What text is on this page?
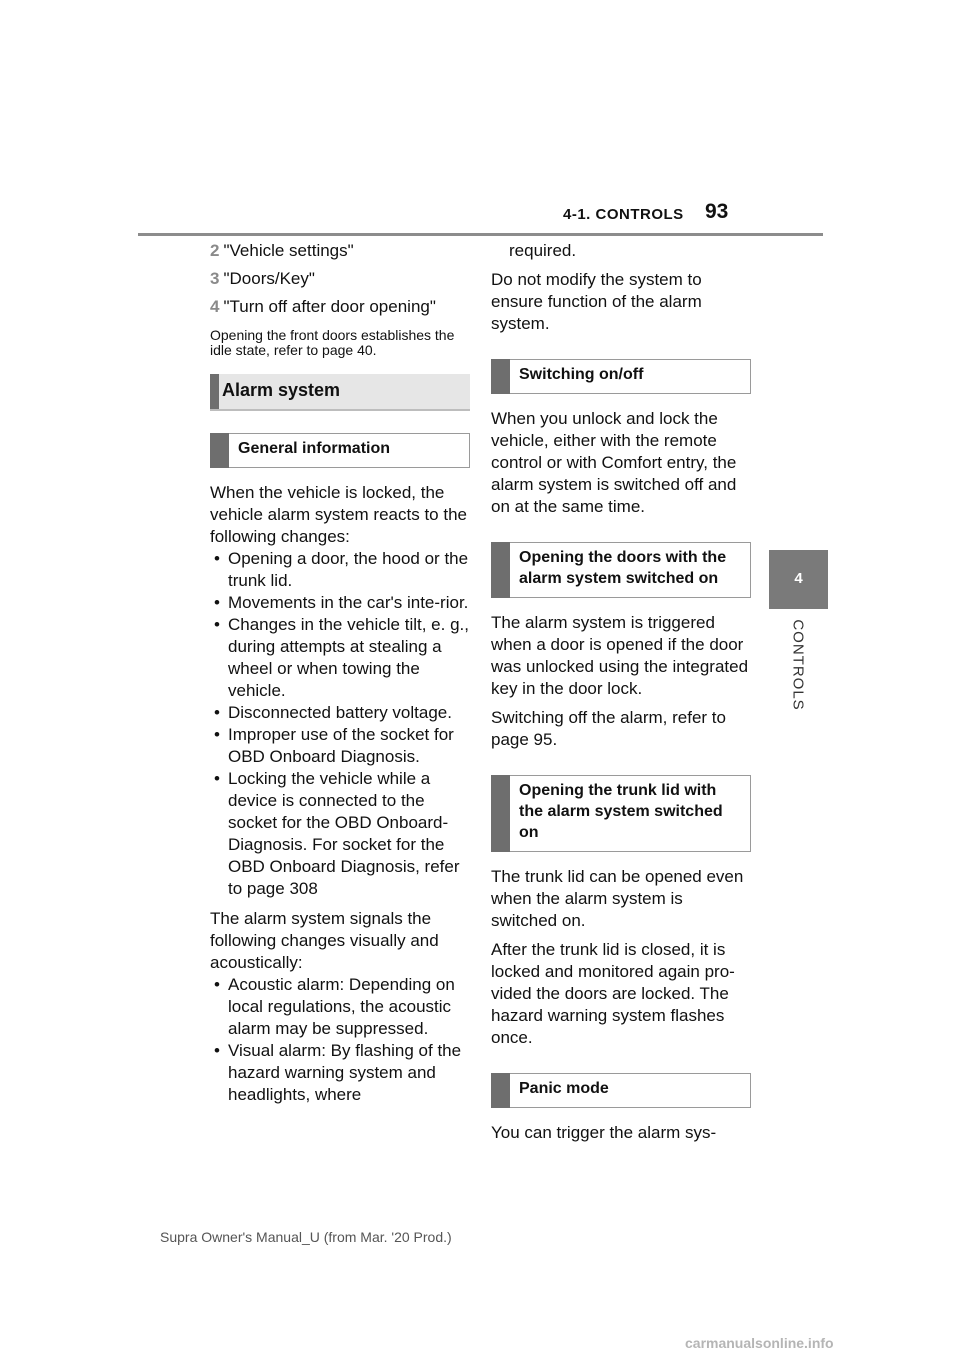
4-1. CONTROLS 93
4
CONTROLS
2 "Vehicle settings"
3 "Doors/Key"
4 "Turn off after door opening"

Opening the front doors establishes the idle state, refer to page 40.

Alarm system
General information

When the vehicle is locked, the vehicle alarm system reacts to the following changes:

• Opening a door, the hood or the trunk lid.

• Movements in the car's inte-rior.

• Changes in the vehicle tilt, e. g., during attempts at stealing a wheel or when towing the vehicle.

• Disconnected battery voltage.

• Improper use of the socket for OBD Onboard Diagnosis.

• Locking the vehicle while a device is connected to the socket for the OBD Onboard-Diagnosis. For socket for the OBD Onboard Diagnosis, refer to page 308

The alarm system signals the following changes visually and acoustically:

• Acoustic alarm: Depending on local regulations, the acoustic alarm may be suppressed.

• Visual alarm: By flashing of the hazard warning system and headlights, where

required.

Do not modify the system to ensure function of the alarm system.

Switching on/off

When you unlock and lock the vehicle, either with the remote control or with Comfort entry, the alarm system is switched off and on at the same time.

Opening the doors with the alarm system switched on

The alarm system is triggered when a door is opened if the door was unlocked using the integrated key in the door lock.

Switching off the alarm, refer to page 95.

Opening the trunk lid with the alarm system switched on

The trunk lid can be opened even when the alarm system is switched on.

After the trunk lid is closed, it is locked and monitored again pro-vided the doors are locked. The hazard warning system flashes once.

Panic mode

You can trigger the alarm sys-

Supra Owner's Manual_U (from Mar. '20 Prod.)
carmanualsonline.info
